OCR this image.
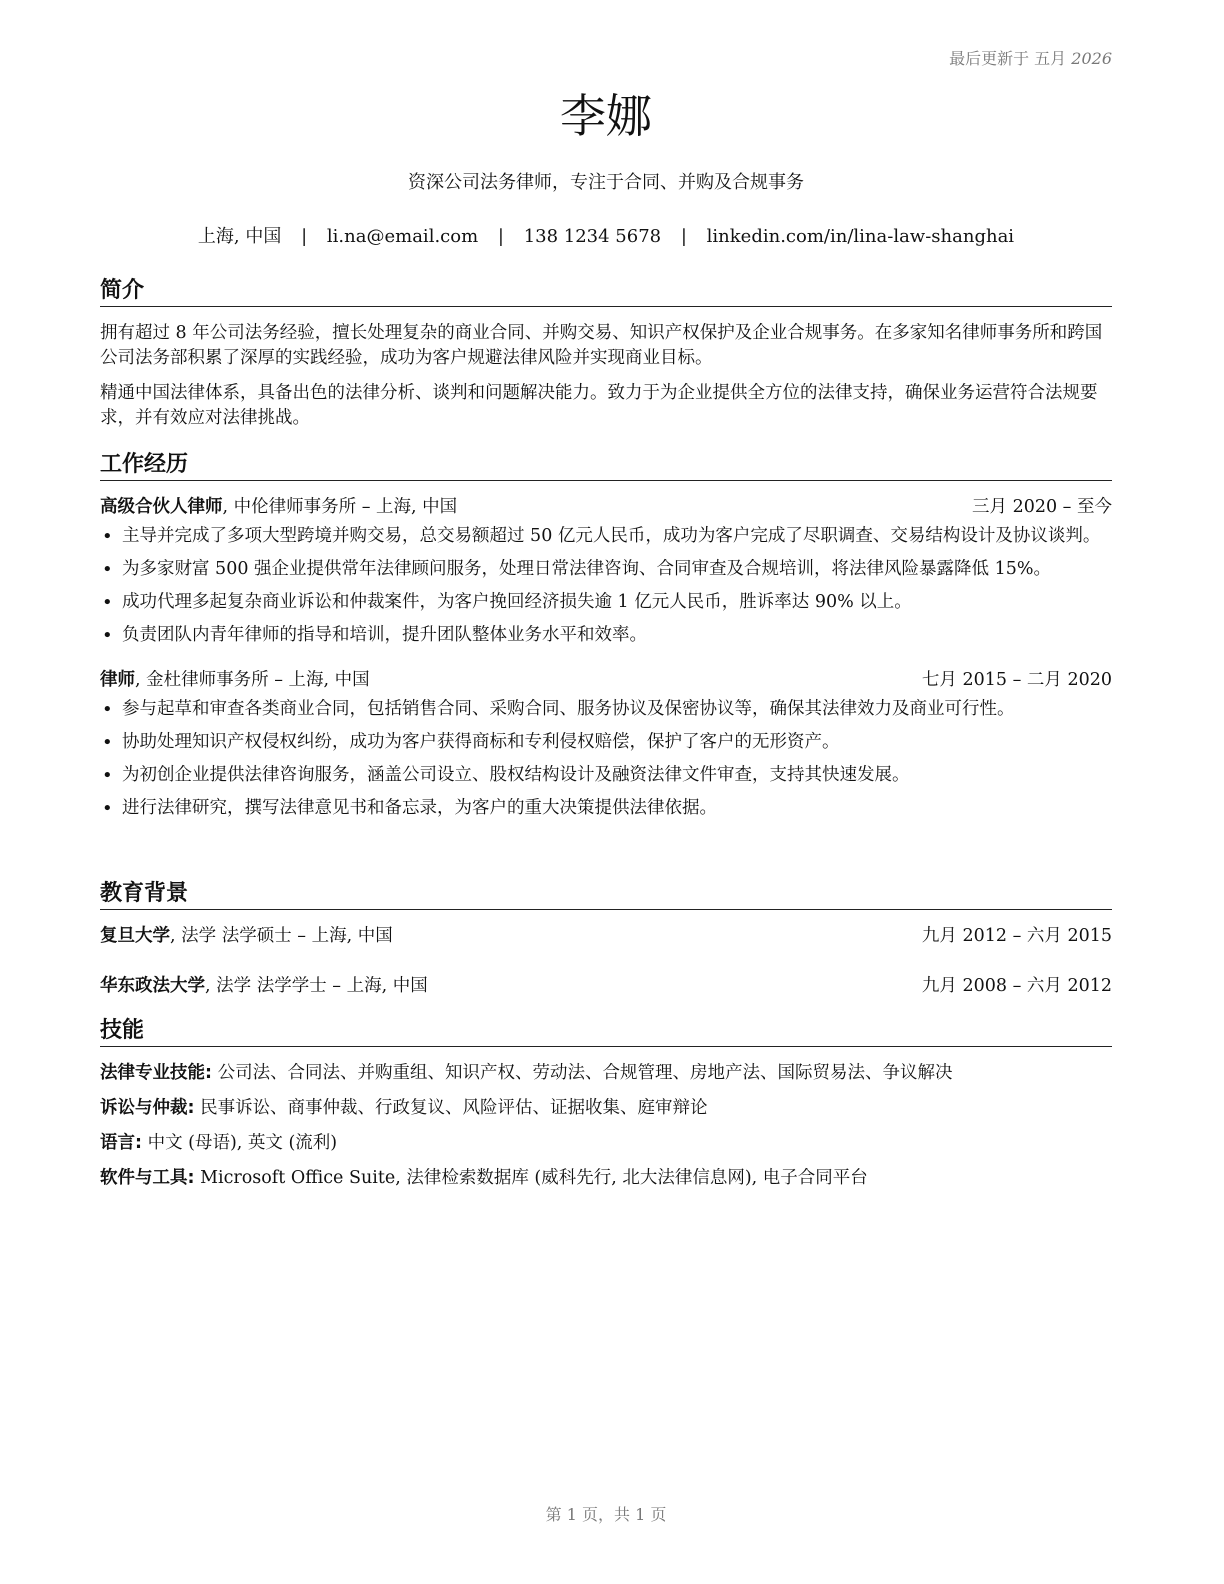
最后更新于 五月 2026
李娜
资深公司法务律师，专注于合同、并购及合规事务
上海, 中国 | li.na@email.com | 138 1234 5678 | linkedin.com/in/lina-law-shanghai
简介

拥有超过 8 年公司法务经验，擅长处理复杂的商业合同、并购交易、知识产权保护及企业合规事务。在多家知名律师事务所和跨国公司法务部积累了深厚的实践经验，成功为客户规避法律风险并实现商业目标。

精通中国法律体系，具备出色的法律分析、谈判和问题解决能力。致力于为企业提供全方位的法律支持，确保业务运营符合法规要求，并有效应对法律挑战。

工作经历
高级合伙人律师, 中伦律师事务所 – 上海, 中国	三月 2020 – 至今
• 主导并完成了多项大型跨境并购交易，总交易额超过 50 亿元人民币，成功为客户完成了尽职调查、交易结构设计及协议谈判。
• 为多家财富 500 强企业提供常年法律顾问服务，处理日常法律咨询、合同审查及合规培训，将法律风险暴露降低 15%。
• 成功代理多起复杂商业诉讼和仲裁案件，为客户挽回经济损失逾 1 亿元人民币，胜诉率达 90% 以上。
• 负责团队内青年律师的指导和培训，提升团队整体业务水平和效率。
律师, 金杜律师事务所 – 上海, 中国	七月 2015 – 二月 2020
• 参与起草和审查各类商业合同，包括销售合同、采购合同、服务协议及保密协议等，确保其法律效力及商业可行性。
• 协助处理知识产权侵权纠纷，成功为客户获得商标和专利侵权赔偿，保护了客户的无形资产。
• 为初创企业提供法律咨询服务，涵盖公司设立、股权结构设计及融资法律文件审查，支持其快速发展。
• 进行法律研究，撰写法律意见书和备忘录，为客户的重大决策提供法律依据。
教育背景
复旦大学, 法学 法学硕士 – 上海, 中国	九月 2012 – 六月 2015
华东政法大学, 法学 法学学士 – 上海, 中国	九月 2008 – 六月 2012
技能
法律专业技能: 公司法、合同法、并购重组、知识产权、劳动法、合规管理、房地产法、国际贸易法、争议解决
诉讼与仲裁: 民事诉讼、商事仲裁、行政复议、风险评估、证据收集、庭审辩论
语言: 中文 (母语), 英文 (流利)
软件与工具: Microsoft Office Suite, 法律检索数据库 (威科先行, 北大法律信息网), 电子合同平台
第 1 页，共 1 页
